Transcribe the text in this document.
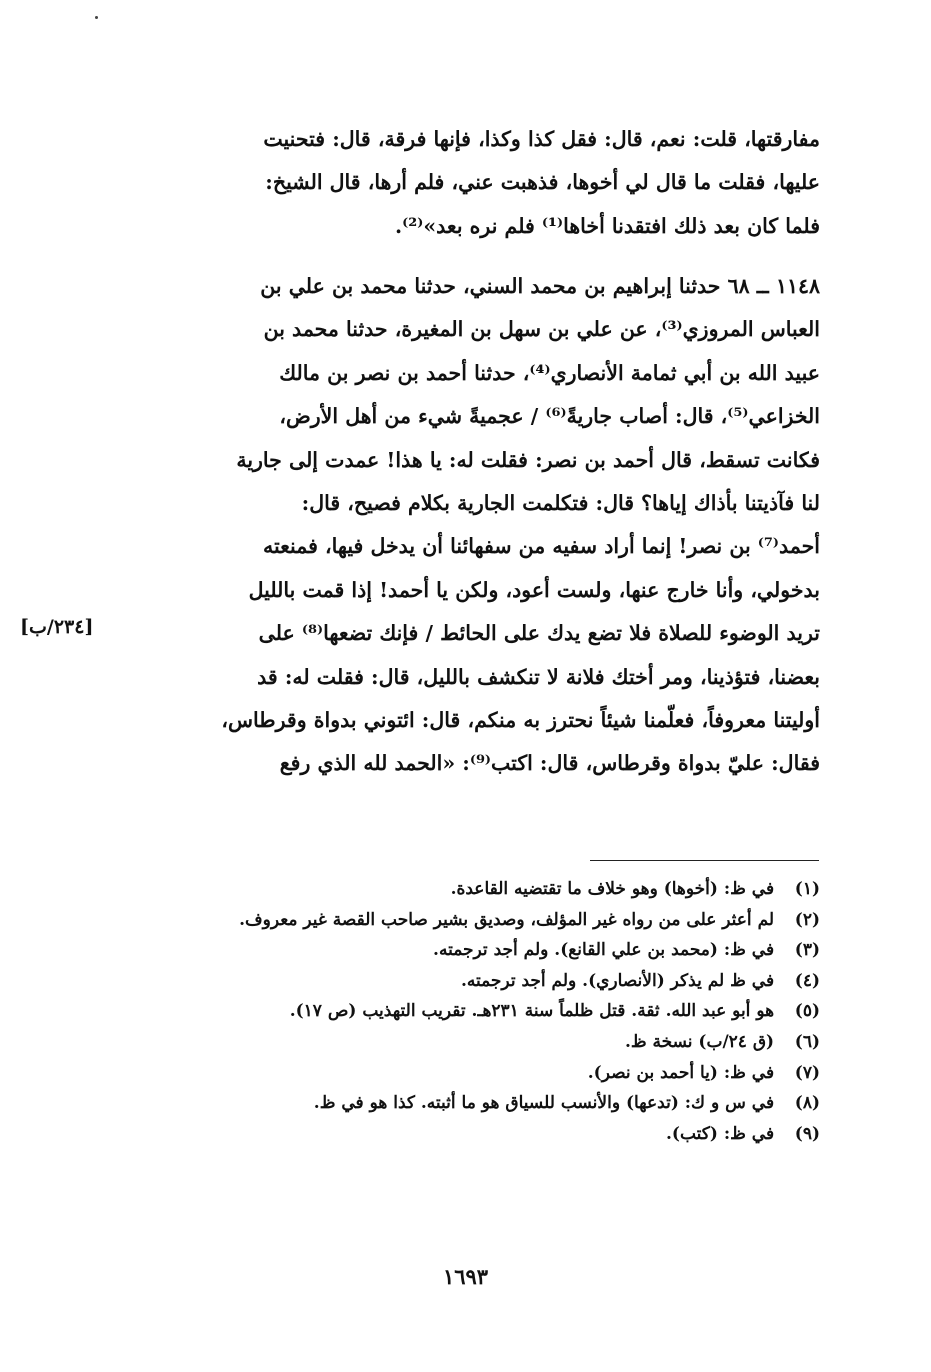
مفارقتها، قلت: نعم، قال: فقل كذا وكذا، فإنها فرقة، قال: فتحنيت
عليها، فقلت ما قال لي أخوها، فذهبت عني، فلم أرها، قال الشيخ:
فلما كان بعد ذلك افتقدنا أخاها⁽¹⁾ فلم نره بعد»⁽²⁾.
١١٤٨ ــ ٦٨ حدثنا إبراهيم بن محمد السني، حدثنا محمد بن علي بن
العباس المروزي⁽³⁾، عن علي بن سهل بن المغيرة، حدثنا محمد بن
عبيد الله بن أبي ثمامة الأنصاري⁽⁴⁾، حدثنا أحمد بن نصر بن مالك
الخزاعي⁽⁵⁾، قال: أصاب جاريةً⁽⁶⁾ / عجميةً شيء من أهل الأرض،
فكانت تسقط، قال أحمد بن نصر: فقلت له: يا هذا! عمدت إلى جارية
لنا فآذيتنا بأذاك إياها؟ قال: فتكلمت الجارية بكلام فصيح، قال:
أحمد⁽⁷⁾ بن نصر! إنما أراد سفيه من سفهائنا أن يدخل فيها، فمنعته
بدخولي، وأنا خارج عنها، ولست أعود، ولكن يا أحمد! إذا قمت بالليل
تريد الوضوء للصلاة فلا تضع يدك على الحائط / فإنك تضعها⁽⁸⁾ على
بعضنا، فتؤذينا، ومر أختك فلانة لا تنكشف بالليل، قال: فقلت له: قد
أوليتنا معروفاً، فعلّمنا شيئاً نحترز به منكم، قال: ائتوني بدواة وقرطاس،
فقال: عليّ بدواة وقرطاس، قال: اكتب⁽⁹⁾: «الحمد لله الذي رفع
[٢٣٤/ب]
(١) في ظ: (أخوها) وهو خلاف ما تقتضيه القاعدة.
(٢) لم أعثر على من رواه غير المؤلف، وصديق بشير صاحب القصة غير معروف.
(٣) في ظ: (محمد بن علي القانع). ولم أجد ترجمته.
(٤) في ظ لم يذكر (الأنصاري). ولم أجد ترجمته.
(٥) هو أبو عبد الله. ثقة. قتل ظلماً سنة ٢٣١هـ. تقريب التهذيب (ص ١٧).
(٦) (ق ٢٤/ب) نسخة ظ.
(٧) في ظ: (يا أحمد بن نصر).
(٨) في س و ك: (تدعها) والأنسب للسياق هو ما أثبته. كذا هو في ظ.
(٩) في ظ: (كتب).
١٦٩٣
